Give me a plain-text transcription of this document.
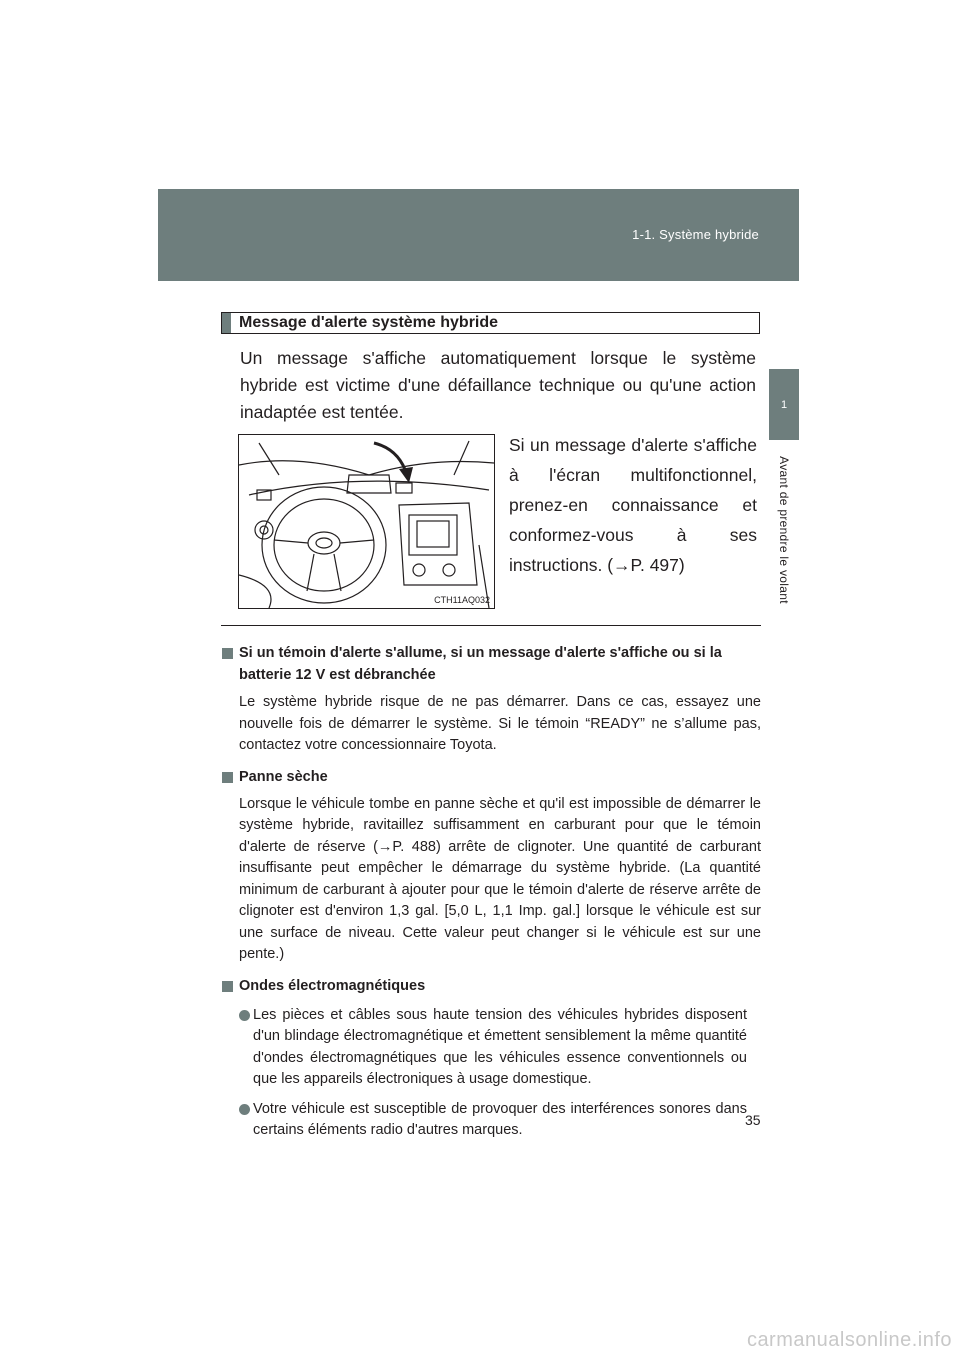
1-1. Système hybride
1
Avant de prendre le volant
Message d'alerte système hybride

Un message s'affiche automatiquement lorsque le système hybride est victime d'une défaillance technique ou qu'une action inadaptée est tentée.

CTH11AQ032

Si un message d'alerte s'affiche à l'écran multifonctionnel, prenez-en connaissance et conformez-vous à ses
instructions. (→P. 497)

Si un témoin d'alerte s'allume, si un message d'alerte s'affiche ou si la batterie 12 V est débranchée

Le système hybride risque de ne pas démarrer. Dans ce cas, essayez une nouvelle fois de démarrer le système. Si le témoin “READY” ne s’allume pas, contactez votre concessionnaire Toyota.

Panne sèche

Lorsque le véhicule tombe en panne sèche et qu'il est impossible de démarrer le système hybride, ravitaillez suffisamment en carburant pour que le témoin d'alerte de réserve (→P. 488) arrête de clignoter. Une quantité de carburant insuffisante peut empêcher le démarrage du système hybride. (La quantité minimum de carburant à ajouter pour que le témoin d'alerte de réserve arrête de clignoter est d'environ 1,3 gal. [5,0 L, 1,1 Imp. gal.] lorsque le véhicule est sur une surface de niveau. Cette valeur peut changer si le véhicule est sur une pente.)

Ondes électromagnétiques

Les pièces et câbles sous haute tension des véhicules hybrides disposent d'un blindage électromagnétique et émettent sensiblement la même quantité d'ondes électromagnétiques que les véhicules essence conventionnels ou que les appareils électroniques à usage domestique.
Votre véhicule est susceptible de provoquer des interférences sonores dans certains éléments radio d'autres marques.
35
carmanualsonline.info
